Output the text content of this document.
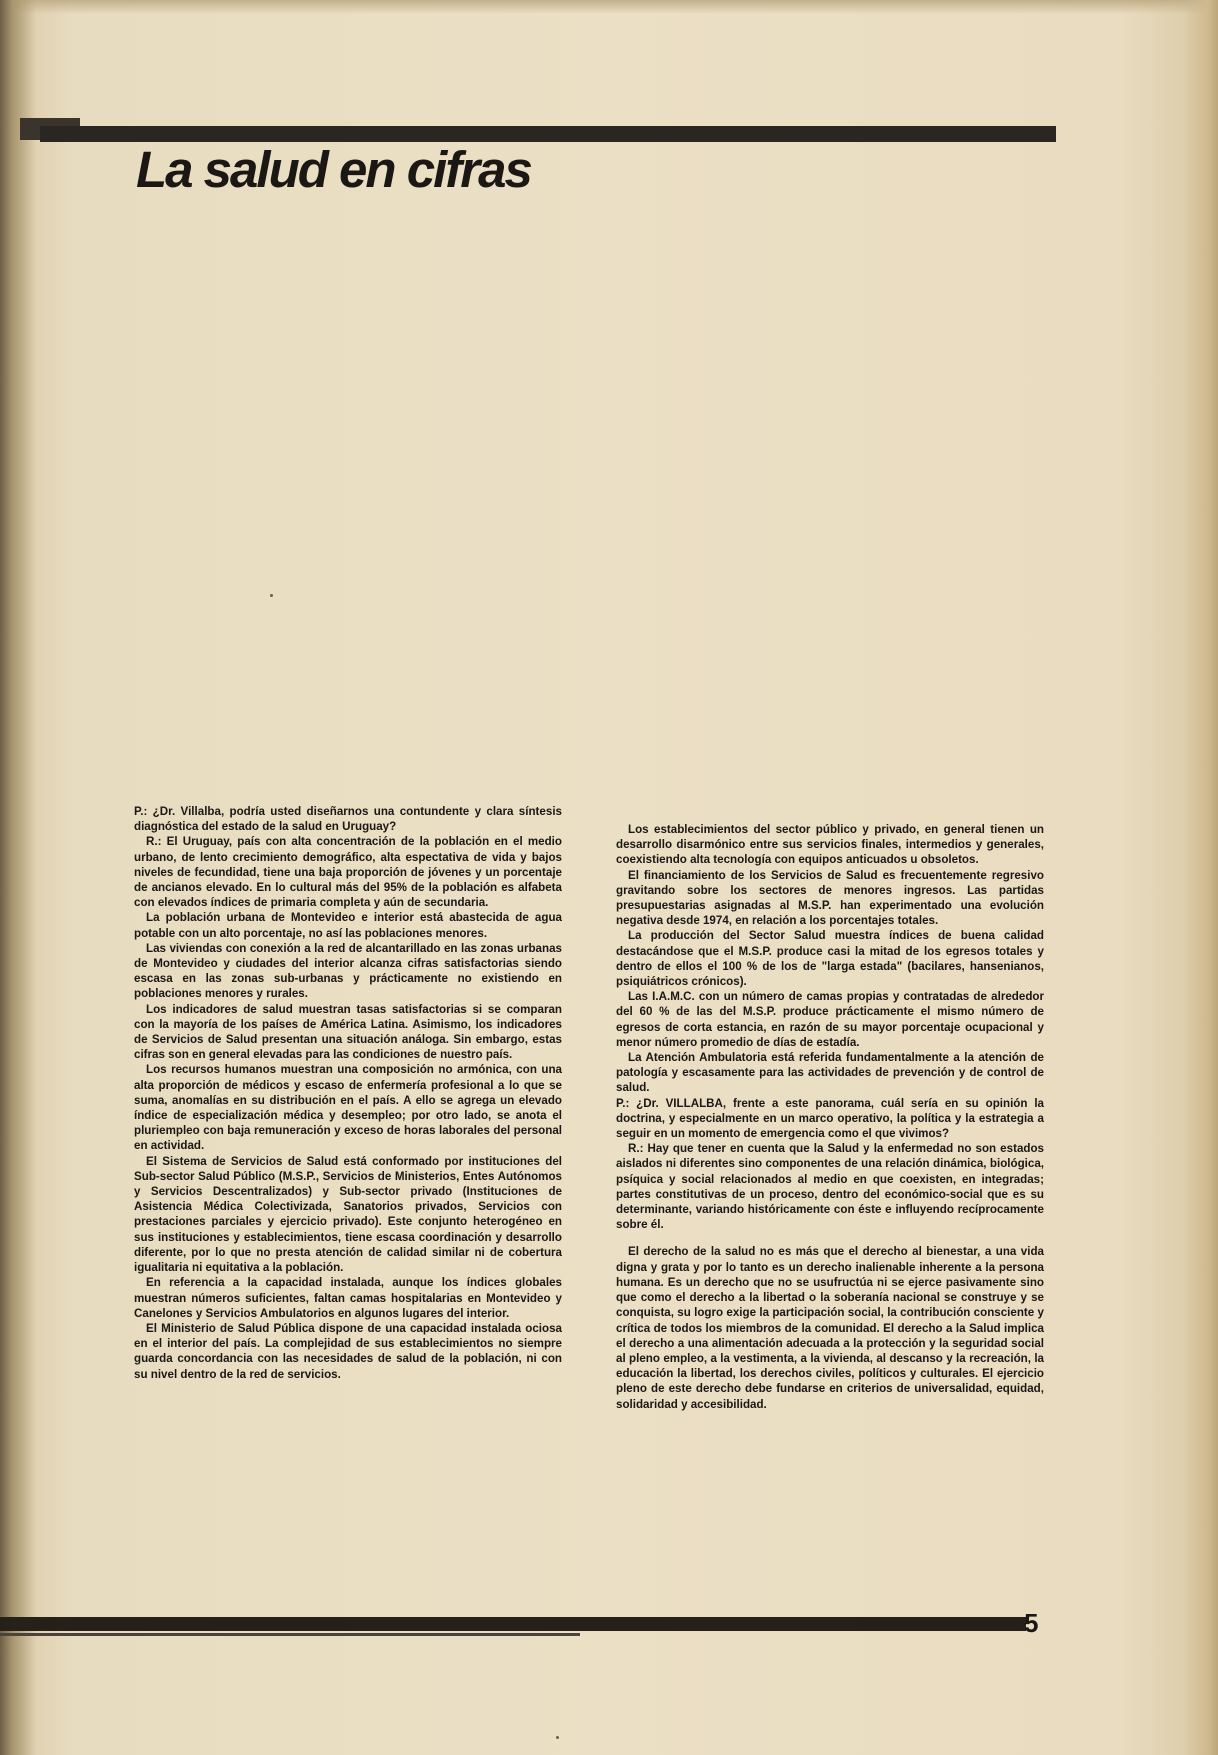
La salud en cifras

P.: ¿Dr. Villalba, podría usted diseñarnos una contundente y clara síntesis diagnóstica del estado de la salud en Uruguay?

R.: El Uruguay, país con alta concentración de la población en el medio urbano, de lento crecimiento demográfico, alta espectativa de vida y bajos niveles de fecundidad, tiene una baja proporción de jóvenes y un porcentaje de ancianos elevado. En lo cultural más del 95% de la población es alfabeta con elevados índices de primaria completa y aún de secundaria.

La población urbana de Montevideo e interior está abastecida de agua potable con un alto porcentaje, no así las poblaciones menores.

Las viviendas con conexión a la red de alcantarillado en las zonas urbanas de Montevideo y ciudades del interior alcanza cifras satisfactorias siendo escasa en las zonas sub-urbanas y prácticamente no existiendo en poblaciones menores y rurales.

Los indicadores de salud muestran tasas satisfactorias si se comparan con la mayoría de los países de América Latina. Asimismo, los indicadores de Servicios de Salud presentan una situación análoga. Sin embargo, estas cifras son en general elevadas para las condiciones de nuestro país.

Los recursos humanos muestran una composición no armónica, con una alta proporción de médicos y escaso de enfermería profesional a lo que se suma, anomalías en su distribución en el país. A ello se agrega un elevado índice de especialización médica y desempleo; por otro lado, se anota el pluriempleo con baja remuneración y exceso de horas laborales del personal en actividad.

El Sistema de Servicios de Salud está conformado por instituciones del Sub-sector Salud Público (M.S.P., Servicios de Ministerios, Entes Autónomos y Servicios Descentralizados) y Sub-sector privado (Instituciones de Asistencia Médica Colectivizada, Sanatorios privados, Servicios con prestaciones parciales y ejercicio privado). Este conjunto heterogéneo en sus instituciones y establecimientos, tiene escasa coordinación y desarrollo diferente, por lo que no presta atención de calidad similar ni de cobertura igualitaria ni equitativa a la población.

En referencia a la capacidad instalada, aunque los índices globales muestran números suficientes, faltan camas hospitalarias en Montevideo y Canelones y Servicios Ambulatorios en algunos lugares del interior.

El Ministerio de Salud Pública dispone de una capacidad instalada ociosa en el interior del país. La complejidad de sus establecimientos no siempre guarda concordancia con las necesidades de salud de la población, ni con su nivel dentro de la red de servicios.

Los establecimientos del sector público y privado, en general tienen un desarrollo disarmónico entre sus servicios finales, intermedios y generales, coexistiendo alta tecnología con equipos anticuados u obsoletos.

El financiamiento de los Servicios de Salud es frecuentemente regresivo gravitando sobre los sectores de menores ingresos. Las partidas presupuestarias asignadas al M.S.P. han experimentado una evolución negativa desde 1974, en relación a los porcentajes totales.

La producción del Sector Salud muestra índices de buena calidad destacándose que el M.S.P. produce casi la mitad de los egresos totales y dentro de ellos el 100 % de los de "larga estada" (bacilares, hansenianos, psiquiátricos crónicos).

Las I.A.M.C. con un número de camas propias y contratadas de alrededor del 60 % de las del M.S.P. produce prácticamente el mismo número de egresos de corta estancia, en razón de su mayor porcentaje ocupacional y menor número promedio de días de estadía.

La Atención Ambulatoria está referida fundamentalmente a la atención de patología y escasamente para las actividades de prevención y de control de salud.

P.: ¿Dr. VILLALBA, frente a este panorama, cuál sería en su opinión la doctrina, y especialmente en un marco operativo, la política y la estrategia a seguir en un momento de emergencia como el que vivimos?

R.: Hay que tener en cuenta que la Salud y la enfermedad no son estados aislados ni diferentes sino componentes de una relación dinámica, biológica, psíquica y social relacionados al medio en que coexisten, en integradas; partes constitutivas de un proceso, dentro del económico-social que es su determinante, variando históricamente con éste e influyendo recíprocamente sobre él.

El derecho de la salud no es más que el derecho al bienestar, a una vida digna y grata y por lo tanto es un derecho inalienable inherente a la persona humana. Es un derecho que no se usufructúa ni se ejerce pasivamente sino que como el derecho a la libertad o la soberanía nacional se construye y se conquista, su logro exige la participación social, la contribución consciente y crítica de todos los miembros de la comunidad. El derecho a la Salud implica el derecho a una alimentación adecuada a la protección y la seguridad social al pleno empleo, a la vestimenta, a la vivienda, al descanso y la recreación, la educación la libertad, los derechos civiles, políticos y culturales. El ejercicio pleno de este derecho debe fundarse en criterios de universalidad, equidad, solidaridad y accesibilidad.

5
